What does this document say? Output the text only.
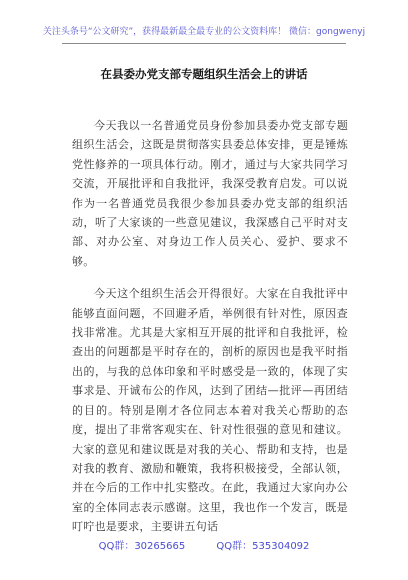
关注头条号“公文研究”，获得最新最全最专业的公文资料库！ 微信：gongwenyj
在县委办党支部专题组织生活会上的讲话

今天我以一名普通党员身份参加县委办党支部专题组织生活会，这既是贯彻落实县委总体安排，更是锤炼党性修养的一项具体行动。刚才，通过与大家共同学习交流，开展批评和自我批评，我深受教育启发。可以说作为一名普通党员我很少参加县委办党支部的组织活动，听了大家谈的一些意见建议，我深感自己平时对支部、对办公室、对身边工作人员关心、爱护、要求不够。

今天这个组织生活会开得很好。大家在自我批评中能够直面问题，不回避矛盾，举例很有针对性，原因查找非常准。尤其是大家相互开展的批评和自我批评，检查出的问题都是平时存在的，剖析的原因也是我平时指出的，与我的总体印象和平时感受是一致的，体现了实事求是、开诚布公的作风，达到了团结—批评—再团结的目的。特别是刚才各位同志本着对我关心帮助的态度，提出了非常客观实在、针对性很强的意见和建议。大家的意见和建议既是对我的关心、帮助和支持，也是对我的教育、激励和鞭策，我将积极接受，全部认领，并在今后的工作中扎实整改。在此，我通过大家向办公室的全体同志表示感谢。这里，我也作一个发言，既是叮咛也是要求，主要讲五句话

QQ群：30265665	QQ群：535304092
